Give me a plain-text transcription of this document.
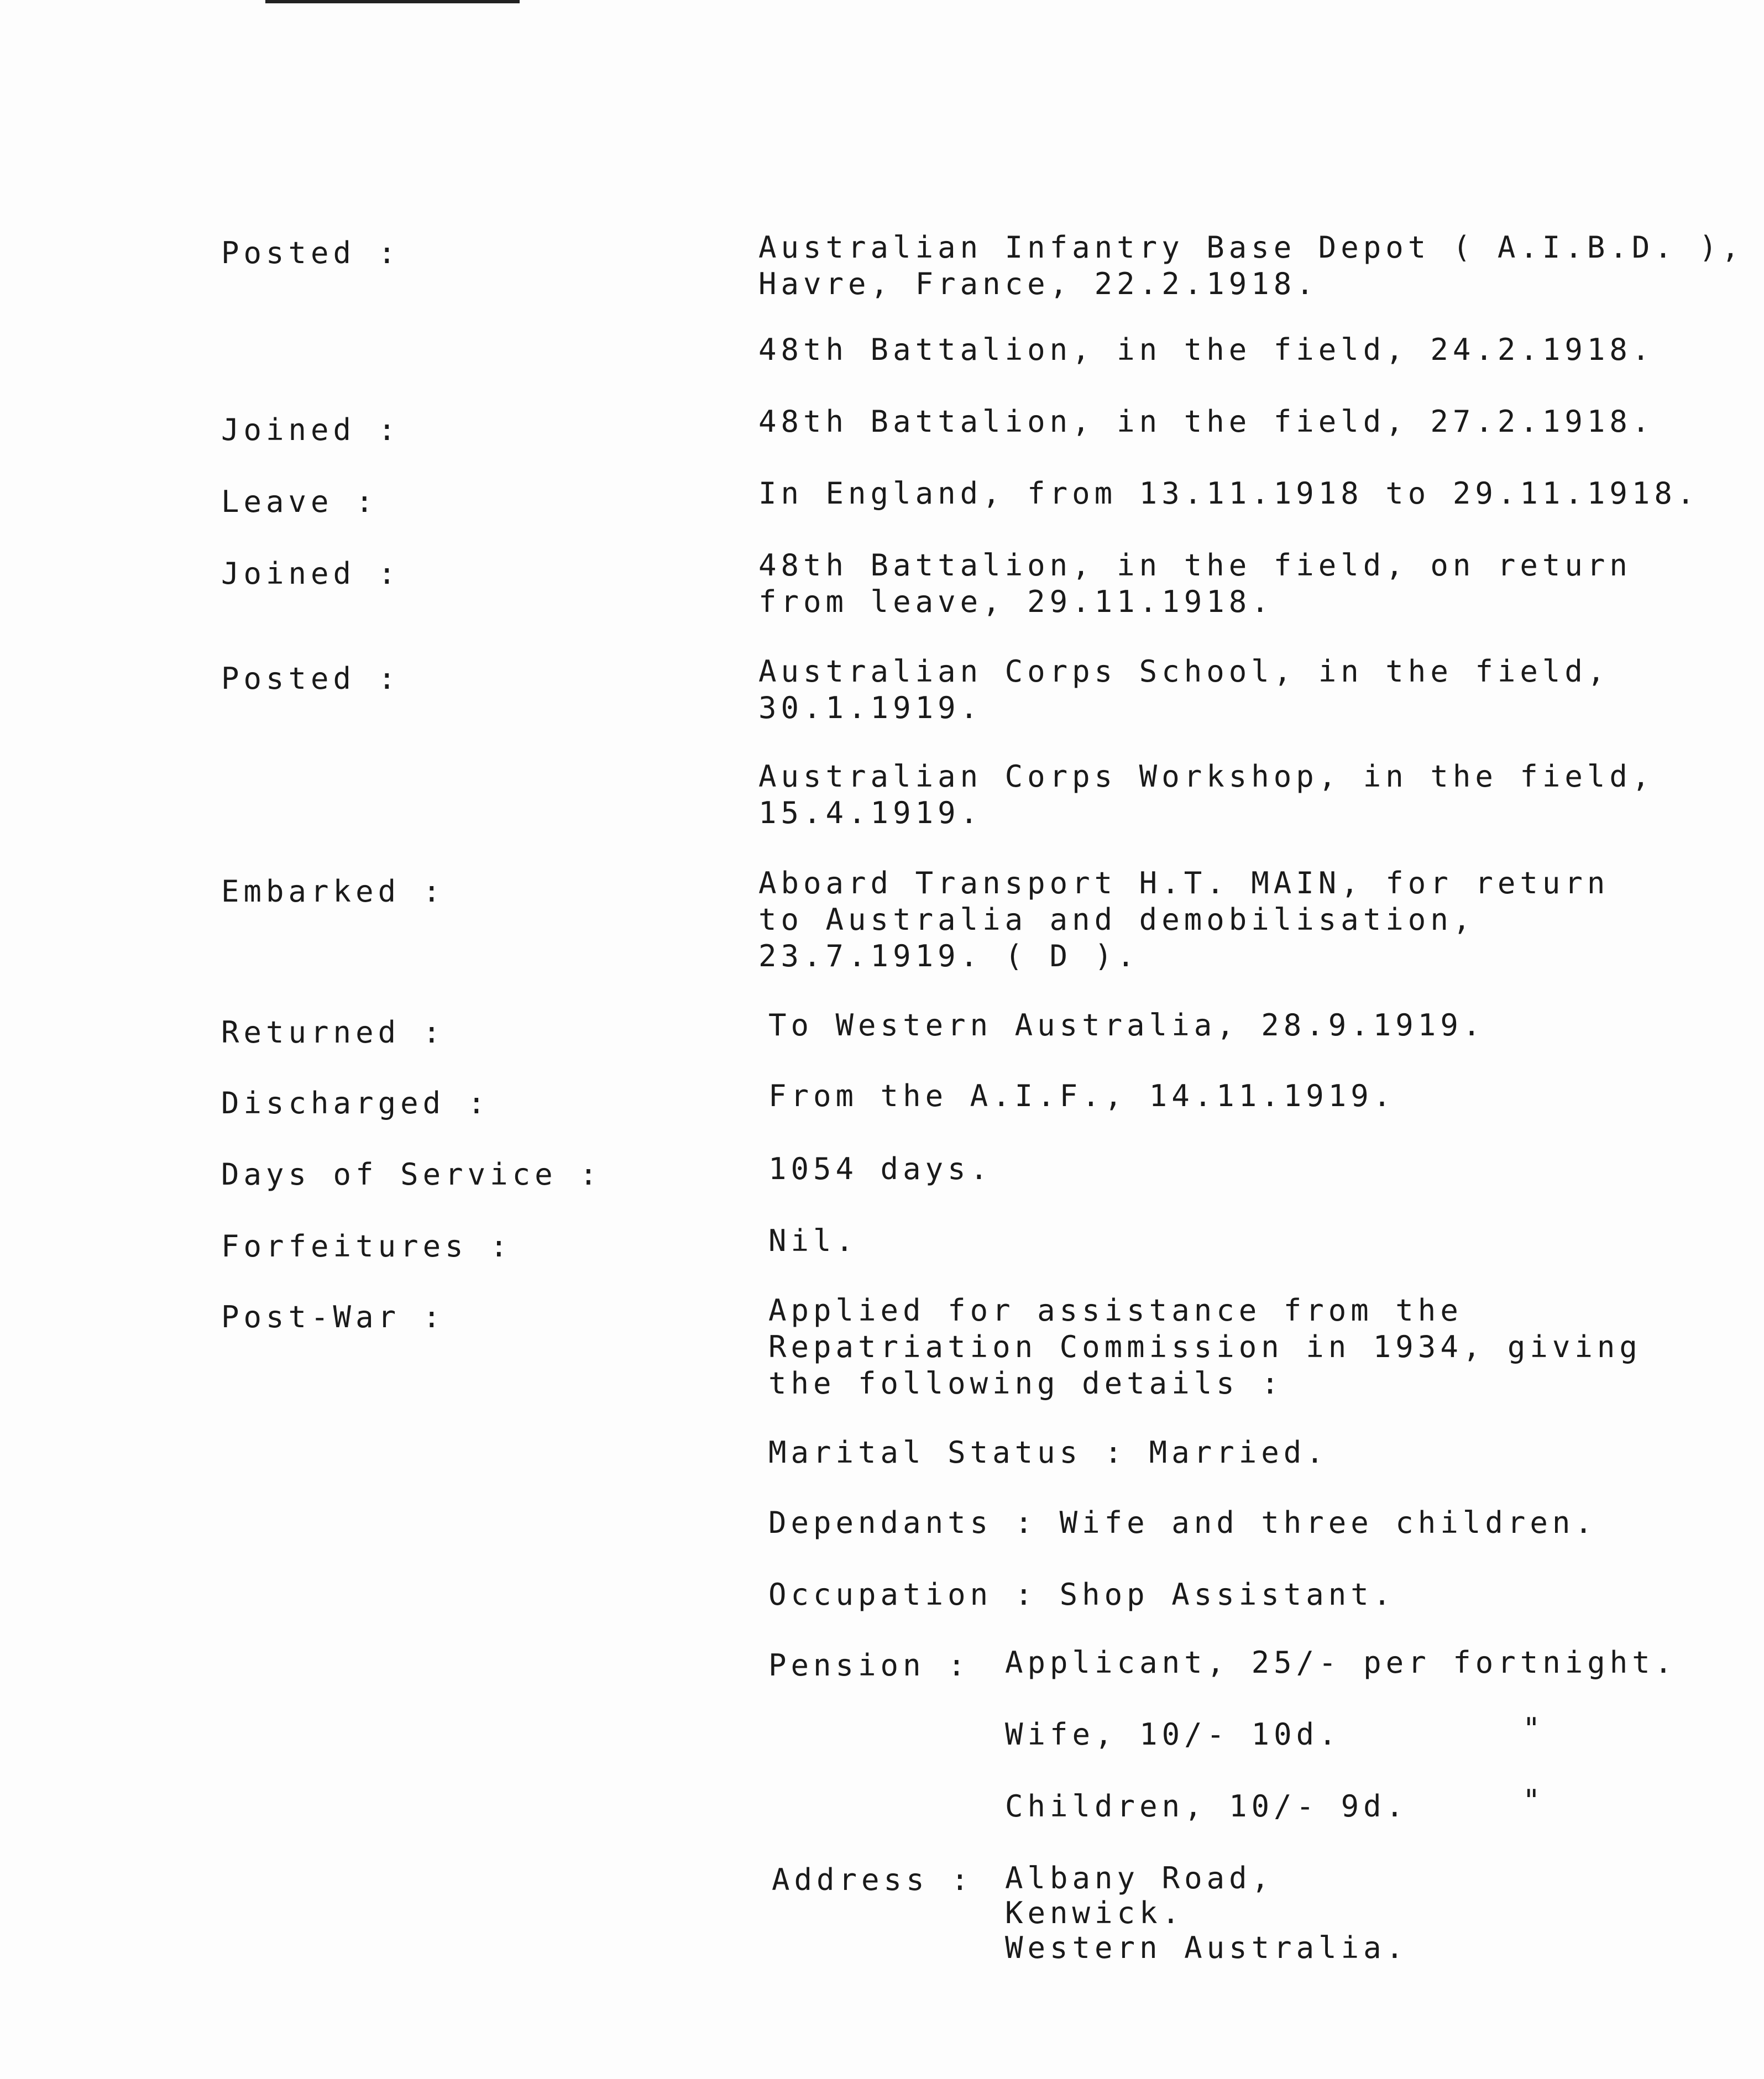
Posted :	Australian Infantry Base Depot ( A.I.B.D. ),
Havre, France, 22.2.1918.
48th Battalion, in the field, 24.2.1918.
Joined :	48th Battalion, in the field, 27.2.1918.
Leave :	In England, from 13.11.1918 to 29.11.1918.
Joined :	48th Battalion, in the field, on return
from leave, 29.11.1918.
Posted :	Australian Corps School, in the field,
30.1.1919.
Australian Corps Workshop, in the field,
15.4.1919.
Embarked :	Aboard Transport H.T. MAIN, for return
to Australia and demobilisation,
23.7.1919. ( D ).
Returned :	To Western Australia, 28.9.1919.
Discharged :	From the A.I.F., 14.11.1919.
Days of Service :	1054 days.
Forfeitures :	Nil.
Post-War :	Applied for assistance from the
Repatriation Commission in 1934, giving
the following details :
Marital Status : Married.
Dependants : Wife and three children.
Occupation : Shop Assistant.
Pension : Applicant, 25/- per fortnight.
Wife, 10/- 10d.	"
Children, 10/- 9d.	"
Address : Albany Road,
Kenwick.
Western Australia.
